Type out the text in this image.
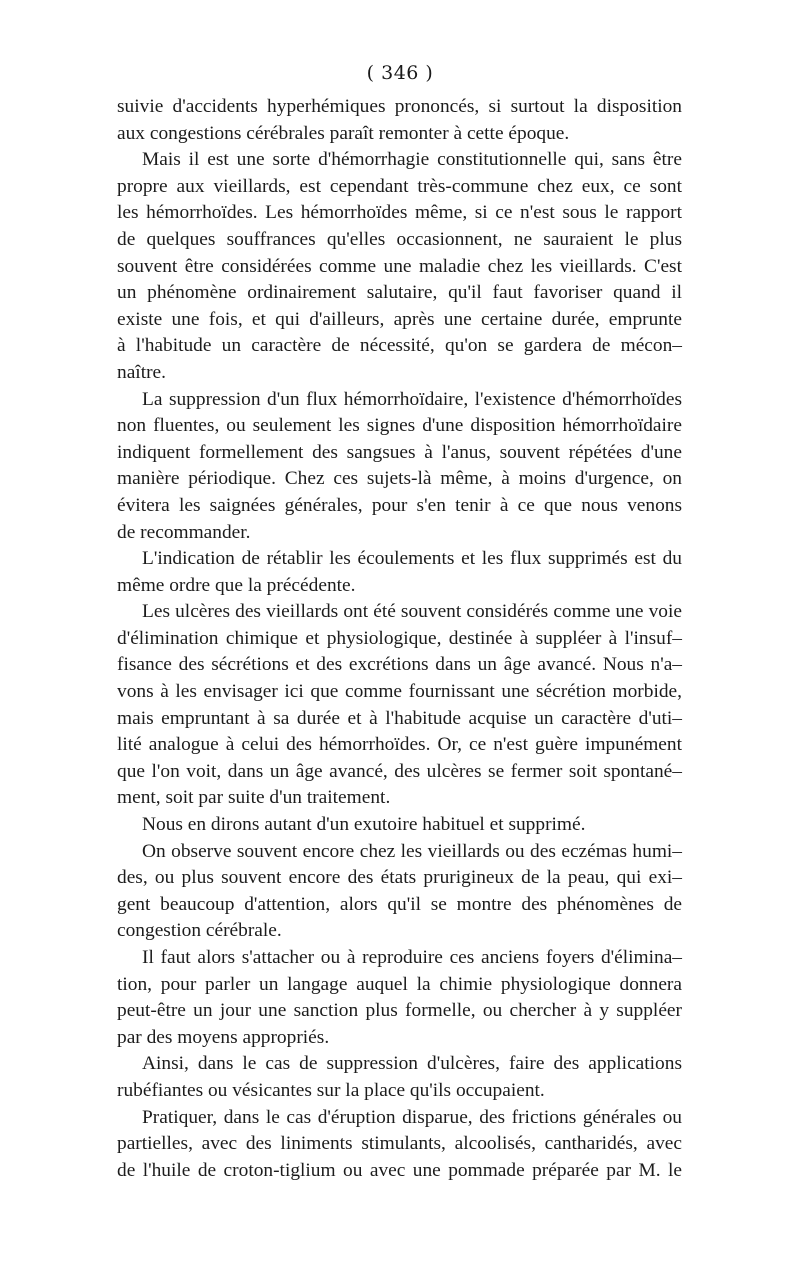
( 346 )
suivie d'accidents hyperhémiques prononcés, si surtout la disposition
aux congestions cérébrales paraît remonter à cette époque.
Mais il est une sorte d'hémorrhagie constitutionnelle qui, sans être
propre aux vieillards, est cependant très-commune chez eux, ce sont
les hémorrhoïdes. Les hémorrhoïdes même, si ce n'est sous le rapport
de quelques souffrances qu'elles occasionnent, ne sauraient le plus
souvent être considérées comme une maladie chez les vieillards. C'est
un phénomène ordinairement salutaire, qu'il faut favoriser quand il
existe une fois, et qui d'ailleurs, après une certaine durée, emprunte
à l'habitude un caractère de nécessité, qu'on se gardera de mécon–
naître.
La suppression d'un flux hémorrhoïdaire, l'existence d'hémorrhoïdes
non fluentes, ou seulement les signes d'une disposition hémorrhoïdaire
indiquent formellement des sangsues à l'anus, souvent répétées d'une
manière périodique. Chez ces sujets-là même, à moins d'urgence, on
évitera les saignées générales, pour s'en tenir à ce que nous venons
de recommander.
L'indication de rétablir les écoulements et les flux supprimés est du
même ordre que la précédente.
Les ulcères des vieillards ont été souvent considérés comme une voie
d'élimination chimique et physiologique, destinée à suppléer à l'insuf–
fisance des sécrétions et des excrétions dans un âge avancé. Nous n'a–
vons à les envisager ici que comme fournissant une sécrétion morbide,
mais empruntant à sa durée et à l'habitude acquise un caractère d'uti–
lité analogue à celui des hémorrhoïdes. Or, ce n'est guère impunément
que l'on voit, dans un âge avancé, des ulcères se fermer soit spontané–
ment, soit par suite d'un traitement.
Nous en dirons autant d'un exutoire habituel et supprimé.
On observe souvent encore chez les vieillards ou des eczémas humi–
des, ou plus souvent encore des états prurigineux de la peau, qui exi–
gent beaucoup d'attention, alors qu'il se montre des phénomènes de
congestion cérébrale.
Il faut alors s'attacher ou à reproduire ces anciens foyers d'élimina–
tion, pour parler un langage auquel la chimie physiologique donnera
peut-être un jour une sanction plus formelle, ou chercher à y suppléer
par des moyens appropriés.
Ainsi, dans le cas de suppression d'ulcères, faire des applications
rubéfiantes ou vésicantes sur la place qu'ils occupaient.
Pratiquer, dans le cas d'éruption disparue, des frictions générales ou
partielles, avec des liniments stimulants, alcoolisés, cantharidés, avec
de l'huile de croton-tiglium ou avec une pommade préparée par M. le
